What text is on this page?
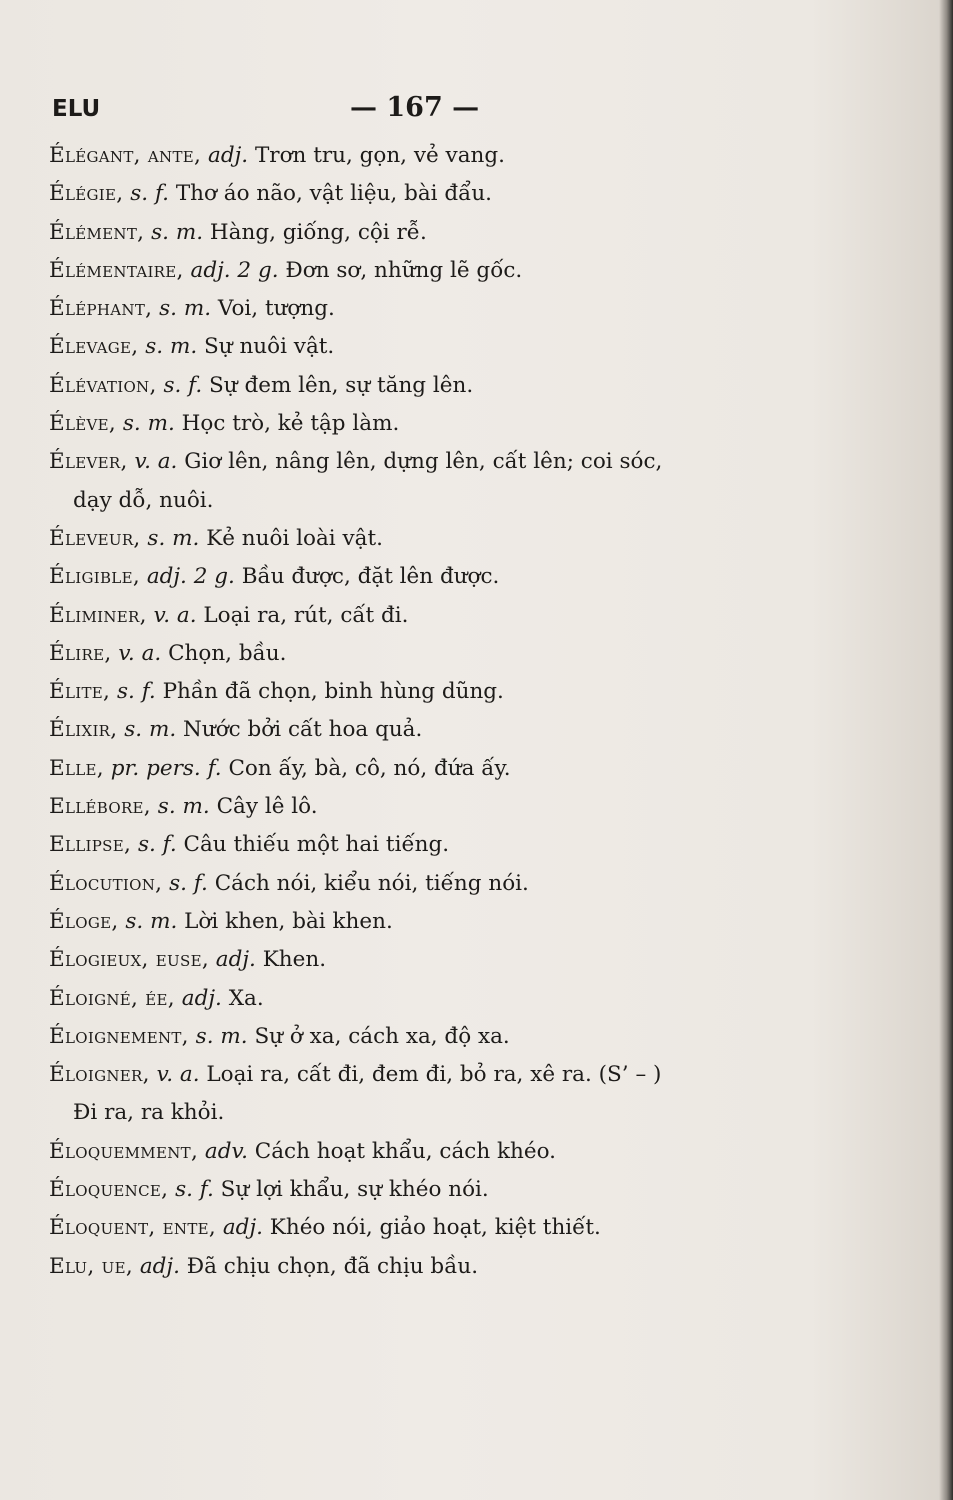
ELU	— 167 —
Élégant, ante, adj. Trơn tru, gọn, vẻ vang.
Élégie, s. f. Thơ áo não, vật liệu, bài đẩu.
Élément, s. m. Hàng, giống, cội rễ.
Élémentaire, adj. 2 g. Đơn sơ, những lẽ gốc.
Éléphant, s. m. Voi, tượng.
Élevage, s. m. Sự nuôi vật.
Élévation, s. f. Sự đem lên, sự tăng lên.
Élève, s. m. Học trò, kẻ tập làm.
Élever, v. a. Giơ lên, nâng lên, dựng lên, cất lên; coi sóc,
dạy dỗ, nuôi.
Éleveur, s. m. Kẻ nuôi loài vật.
Éligible, adj. 2 g. Bầu được, đặt lên được.
Éliminer, v. a. Loại ra, rút, cất đi.
Élire, v. a. Chọn, bầu.
Élite, s. f. Phần đã chọn, binh hùng dũng.
Élixir, s. m. Nước bởi cất hoa quả.
Elle, pr. pers. f. Con ấy, bà, cô, nó, đứa ấy.
Ellébore, s. m. Cây lê lô.
Ellipse, s. f. Câu thiếu một hai tiếng.
Élocution, s. f. Cách nói, kiểu nói, tiếng nói.
Éloge, s. m. Lời khen, bài khen.
Élogieux, euse, adj. Khen.
Éloigné, ée, adj. Xa.
Éloignement, s. m. Sự ở xa, cách xa, độ xa.
Éloigner, v. a. Loại ra, cất đi, đem đi, bỏ ra, xê ra. (S’ – )
Đi ra, ra khỏi.
Éloquemment, adv. Cách hoạt khẩu, cách khéo.
Éloquence, s. f. Sự lợi khẩu, sự khéo nói.
Éloquent, ente, adj. Khéo nói, giảo hoạt, kiệt thiết.
Elu, ue, adj. Đã chịu chọn, đã chịu bầu.
